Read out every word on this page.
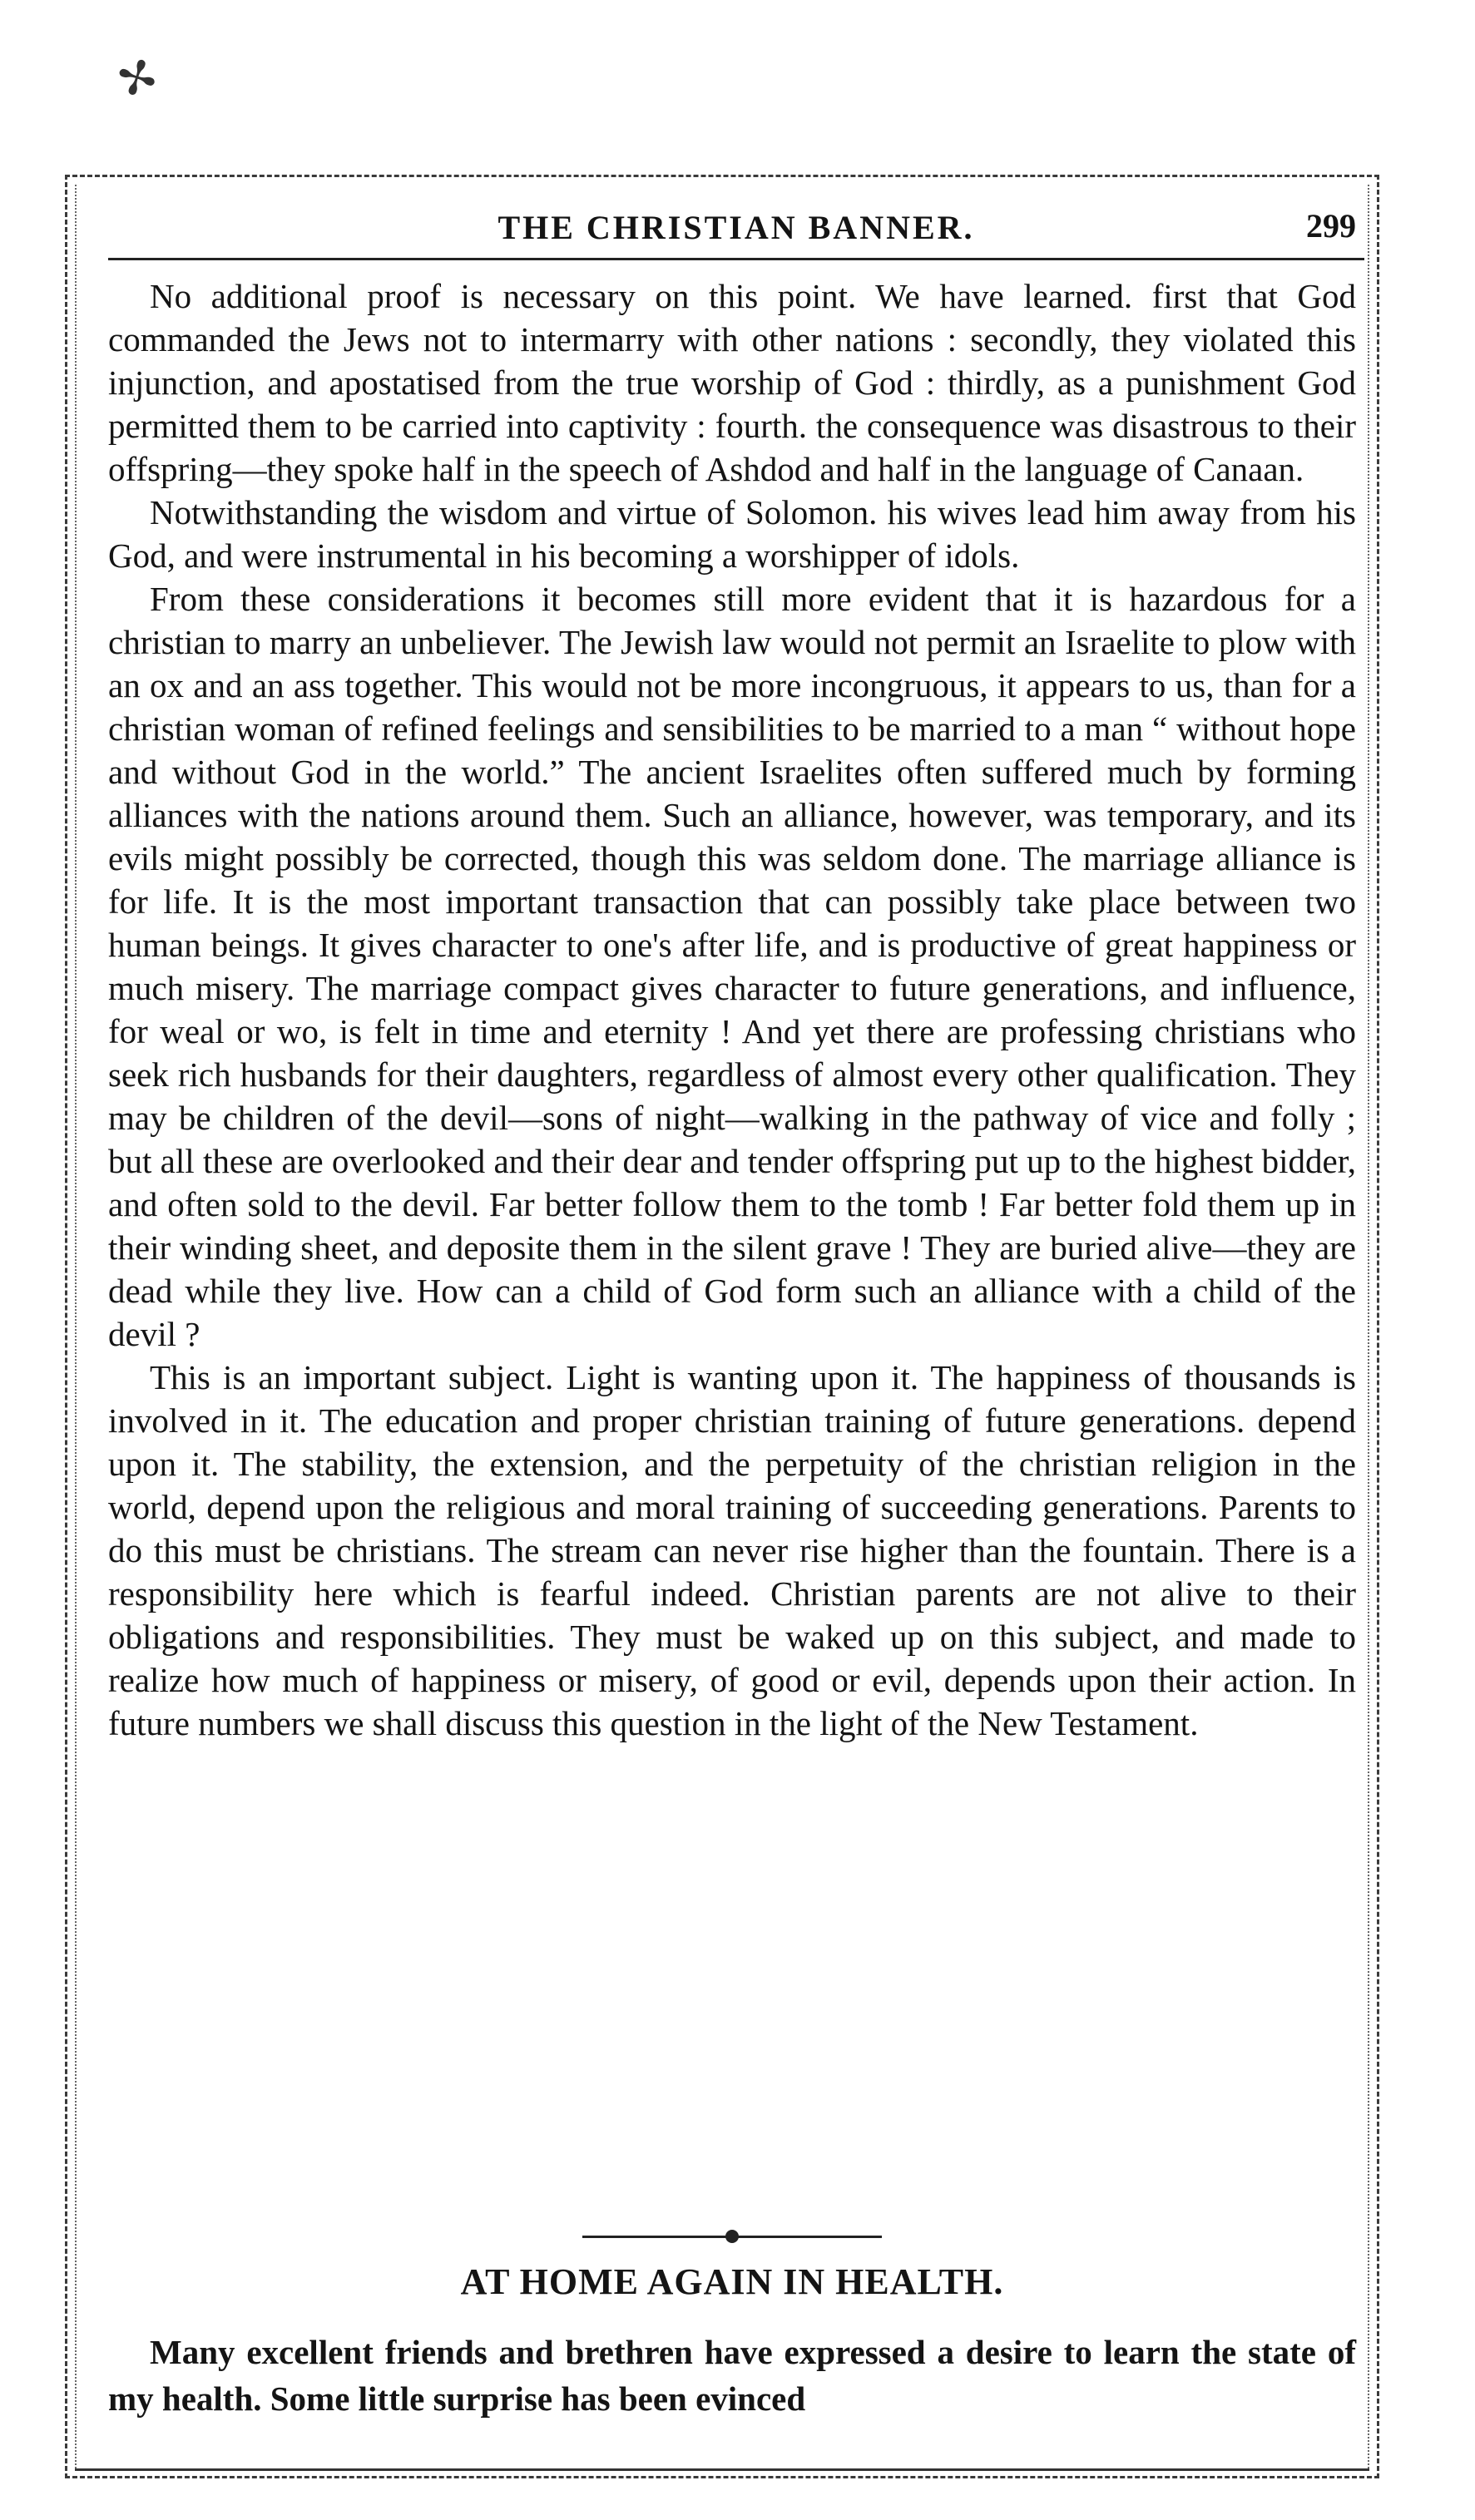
✢
THE CHRISTIAN BANNER.	299

No additional proof is necessary on this point. We have learned. first that God commanded the Jews not to intermarry with other nations : secondly, they violated this injunction, and apostatised from the true worship of God : thirdly, as a punishment God permitted them to be carried into captivity : fourth. the consequence was disastrous to their offspring—they spoke half in the speech of Ashdod and half in the language of Canaan.

Notwithstanding the wisdom and virtue of Solomon. his wives lead him away from his God, and were instrumental in his becoming a worshipper of idols.

From these considerations it becomes still more evident that it is hazardous for a christian to marry an unbeliever. The Jewish law would not permit an Israelite to plow with an ox and an ass together. This would not be more incongruous, it appears to us, than for a christian woman of refined feelings and sensibilities to be married to a man “ without hope and without God in the world.” The ancient Israelites often suffered much by forming alliances with the nations around them. Such an alliance, however, was temporary, and its evils might possibly be corrected, though this was seldom done. The marriage alliance is for life. It is the most important transaction that can possibly take place between two human beings. It gives character to one's after life, and is productive of great happiness or much misery. The marriage compact gives character to future generations, and influence, for weal or wo, is felt in time and eternity ! And yet there are professing christians who seek rich husbands for their daughters, regardless of almost every other qualification. They may be children of the devil—sons of night—walking in the pathway of vice and folly ; but all these are overlooked and their dear and tender offspring put up to the highest bidder, and often sold to the devil. Far better follow them to the tomb ! Far better fold them up in their winding sheet, and deposite them in the silent grave ! They are buried alive—they are dead while they live. How can a child of God form such an alliance with a child of the devil ?

This is an important subject. Light is wanting upon it. The happiness of thousands is involved in it. The education and proper christian training of future generations. depend upon it. The stability, the extension, and the perpetuity of the christian religion in the world, depend upon the religious and moral training of succeeding generations. Parents to do this must be christians. The stream can never rise higher than the fountain. There is a responsibility here which is fearful indeed. Christian parents are not alive to their obligations and responsibilities. They must be waked up on this subject, and made to realize how much of happiness or misery, of good or evil, depends upon their action. In future numbers we shall discuss this question in the light of the New Testament.

AT HOME AGAIN IN HEALTH.

Many excellent friends and brethren have expressed a desire to learn the state of my health. Some little surprise has been evinced
